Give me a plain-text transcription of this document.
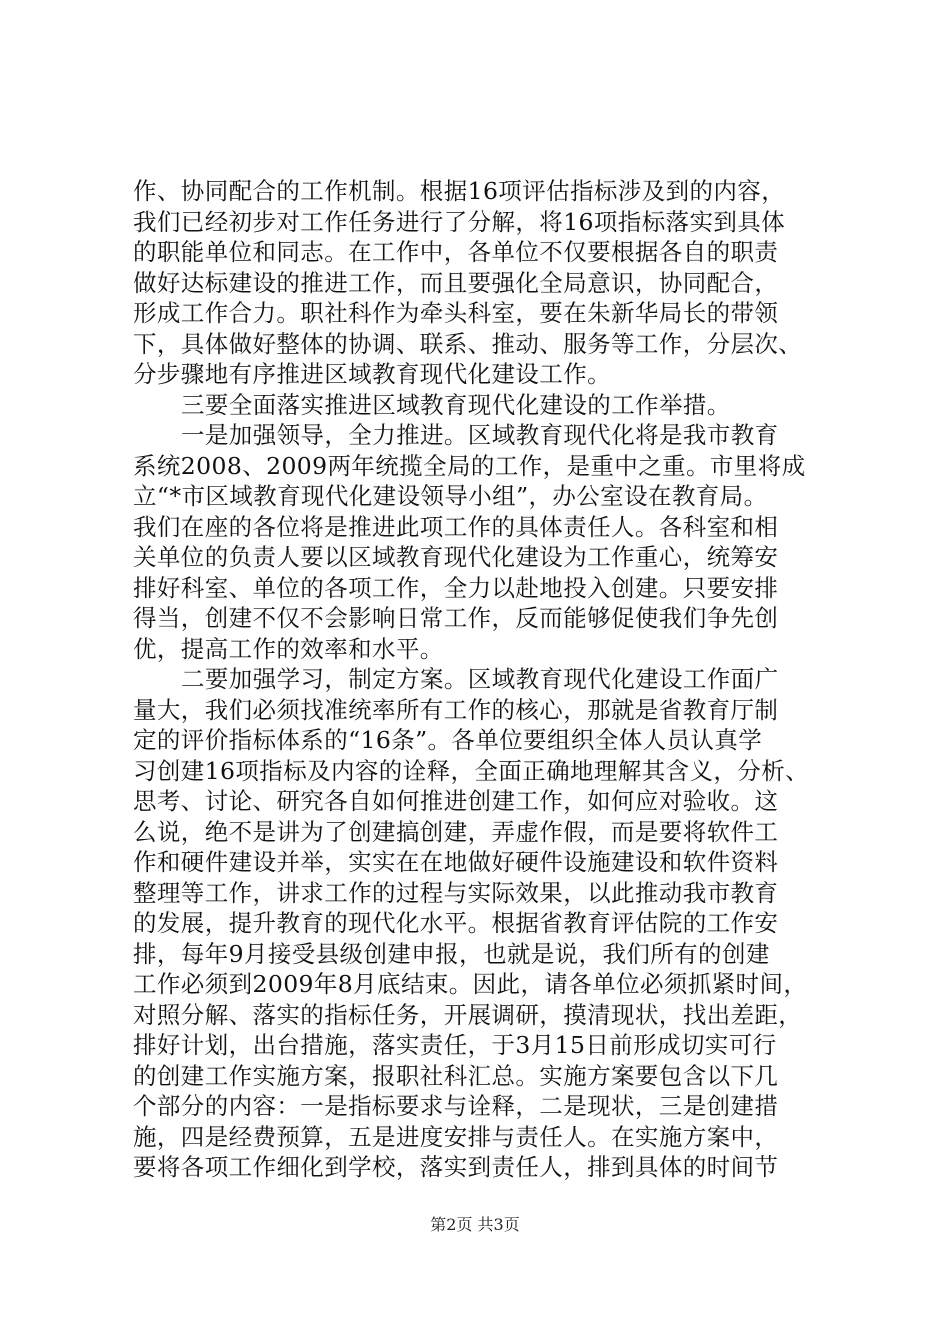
作、协同配合的工作机制。根据16项评估指标涉及到的内容，
我们已经初步对工作任务进行了分解，将16项指标落实到具体
的职能单位和同志。在工作中，各单位不仅要根据各自的职责
做好达标建设的推进工作，而且要强化全局意识，协同配合，
形成工作合力。职社科作为牵头科室，要在朱新华局长的带领
下，具体做好整体的协调、联系、推动、服务等工作，分层次、
分步骤地有序推进区域教育现代化建设工作。
三要全面落实推进区域教育现代化建设的工作举措。
一是加强领导，全力推进。区域教育现代化将是我市教育
系统2008、2009两年统揽全局的工作，是重中之重。市里将成
立“*市区域教育现代化建设领导小组”，办公室设在教育局。
我们在座的各位将是推进此项工作的具体责任人。各科室和相
关单位的负责人要以区域教育现代化建设为工作重心，统筹安
排好科室、单位的各项工作，全力以赴地投入创建。只要安排
得当，创建不仅不会影响日常工作，反而能够促使我们争先创
优，提高工作的效率和水平。
二要加强学习，制定方案。区域教育现代化建设工作面广
量大，我们必须找准统率所有工作的核心，那就是省教育厅制
定的评价指标体系的“16条”。各单位要组织全体人员认真学
习创建16项指标及内容的诠释，全面正确地理解其含义，分析、
思考、讨论、研究各自如何推进创建工作，如何应对验收。这
么说，绝不是讲为了创建搞创建，弄虚作假，而是要将软件工
作和硬件建设并举，实实在在地做好硬件设施建设和软件资料
整理等工作，讲求工作的过程与实际效果，以此推动我市教育
的发展，提升教育的现代化水平。根据省教育评估院的工作安
排，每年9月接受县级创建申报，也就是说，我们所有的创建
工作必须到2009年8月底结束。因此，请各单位必须抓紧时间，
对照分解、落实的指标任务，开展调研，摸清现状，找出差距，
排好计划，出台措施，落实责任，于3月15日前形成切实可行
的创建工作实施方案，报职社科汇总。实施方案要包含以下几
个部分的内容：一是指标要求与诠释，二是现状，三是创建措
施，四是经费预算，五是进度安排与责任人。在实施方案中，
要将各项工作细化到学校，落实到责任人，排到具体的时间节
第2页 共3页
